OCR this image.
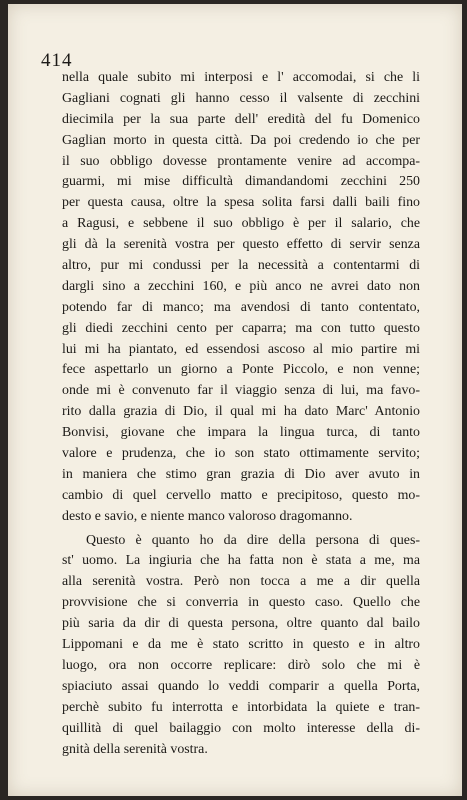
414
nella quale subito mi interposi e l' accomodai, si che li
Gagliani cognati gli hanno cesso il valsente di zecchini
diecimila per la sua parte dell' eredità del fu Domenico
Gaglian morto in questa città. Da poi credendo io che per
il suo obbligo dovesse prontamente venire ad accompa-
guarmi, mi mise difficultà dimandandomi zecchini 250
per questa causa, oltre la spesa solita farsi dalli baili fino
a Ragusi, e sebbene il suo obbligo è per il salario, che
gli dà la serenità vostra per questo effetto di servir senza
altro, pur mi condussi per la necessità a contentarmi di
dargli sino a zecchini 160, e più anco ne avrei dato non
potendo far di manco; ma avendosi di tanto contentato,
gli diedi zecchini cento per caparra; ma con tutto questo
lui mi ha piantato, ed essendosi ascoso al mio partire mi
fece aspettarlo un giorno a Ponte Piccolo, e non venne;
onde mi è convenuto far il viaggio senza di lui, ma favo-
rito dalla grazia di Dio, il qual mi ha dato Marc' Antonio
Bonvisi, giovane che impara la lingua turca, di tanto
valore e prudenza, che io son stato ottimamente servito;
in maniera che stimo gran grazia di Dio aver avuto in
cambio di quel cervello matto e precipitoso, questo mo-
desto e savio, e niente manco valoroso dragomanno.
Questo è quanto ho da dire della persona di ques-
st' uomo. La ingiuria che ha fatta non è stata a me, ma
alla serenità vostra. Però non tocca a me a dir quella
provvisione che si converria in questo caso. Quello che
più saria da dir di questa persona, oltre quanto dal bailo
Lippomani e da me è stato scritto in questo e in altro
luogo, ora non occorre replicare: dirò solo che mi è
spiaciuto assai quando lo veddi comparir a quella Porta,
perchè subito fu interrotta e intorbidata la quiete e tran-
quillità di quel bailaggio con molto interesse della di-
gnità della serenità vostra.
